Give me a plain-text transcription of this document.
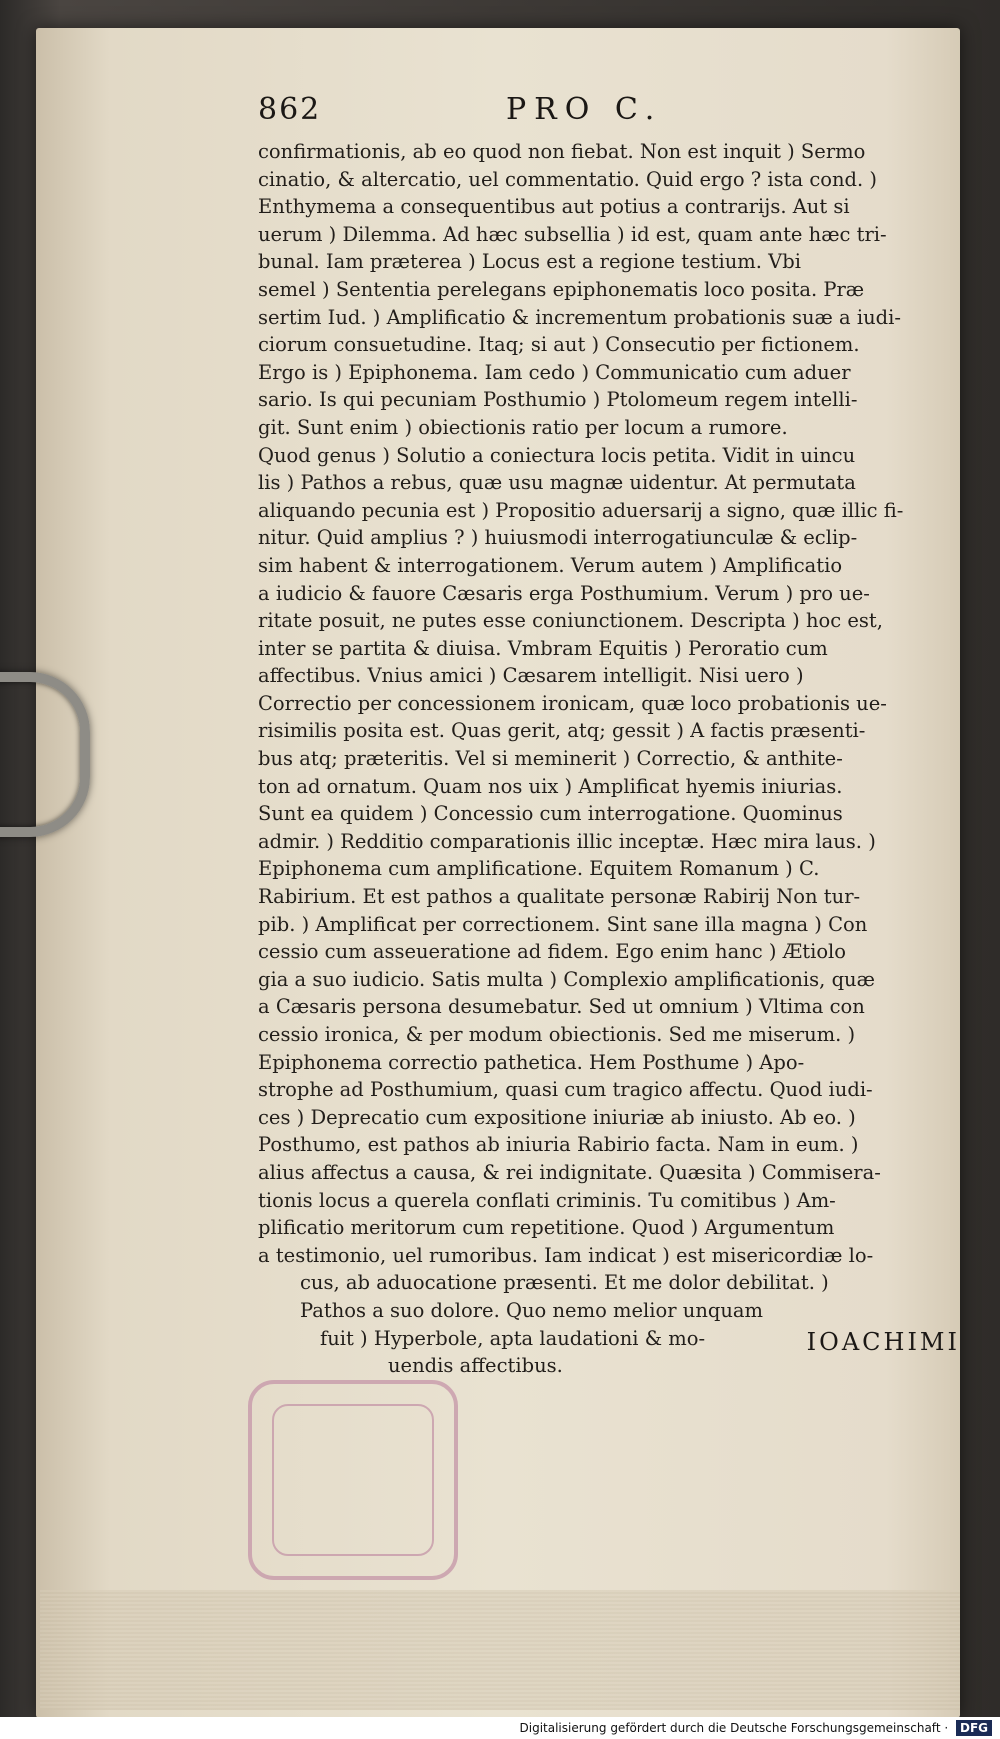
862	PRO C.
confirmationis, ab eo quod non fiebat. Non est inquit ) Sermo
cinatio, & altercatio, uel commentatio. Quid ergo ? ista cond. )
Enthymema a consequentibus aut potius a contrarijs. Aut si
uerum ) Dilemma. Ad hæc subsellia ) id est, quam ante hæc tri-
bunal. Iam præterea ) Locus est a regione testium. Vbi
semel ) Sententia perelegans epiphonematis loco posita. Præ
sertim Iud. ) Amplificatio & incrementum probationis suæ a iudi-
ciorum consuetudine. Itaq; si aut ) Consecutio per fictionem.
Ergo is ) Epiphonema. Iam cedo ) Communicatio cum aduer
sario. Is qui pecuniam Posthumio ) Ptolomeum regem intelli-
git. Sunt enim ) obiectionis ratio per locum a rumore.
Quod genus ) Solutio a coniectura locis petita. Vidit in uincu
lis ) Pathos a rebus, quæ usu magnæ uidentur. At permutata
aliquando pecunia est ) Propositio aduersarij a signo, quæ illic fi-
nitur. Quid amplius ? ) huiusmodi interrogatiunculæ & eclip-
sim habent & interrogationem. Verum autem ) Amplificatio
a iudicio & fauore Cæsaris erga Posthumium. Verum ) pro ue-
ritate posuit, ne putes esse coniunctionem. Descripta ) hoc est,
inter se partita & diuisa. Vmbram Equitis ) Peroratio cum
affectibus. Vnius amici ) Cæsarem intelligit. Nisi uero )
Correctio per concessionem ironicam, quæ loco probationis ue-
risimilis posita est. Quas gerit, atq; gessit ) A factis præsenti-
bus atq; præteritis. Vel si meminerit ) Correctio, & anthite-
ton ad ornatum. Quam nos uix ) Amplificat hyemis iniurias.
Sunt ea quidem ) Concessio cum interrogatione. Quominus
admir. ) Redditio comparationis illic inceptæ. Hæc mira laus. )
Epiphonema cum amplificatione. Equitem Romanum ) C.
Rabirium. Et est pathos a qualitate personæ Rabirij Non tur-
pib. ) Amplificat per correctionem. Sint sane illa magna ) Con
cessio cum asseueratione ad fidem. Ego enim hanc ) Ætiolo
gia a suo iudicio. Satis multa ) Complexio amplificationis, quæ
a Cæsaris persona desumebatur. Sed ut omnium ) Vltima con
cessio ironica, & per modum obiectionis. Sed me miserum. )
Epiphonema correctio pathetica. Hem Posthume ) Apo-
strophe ad Posthumium, quasi cum tragico affectu. Quod iudi-
ces ) Deprecatio cum expositione iniuriæ ab iniusto. Ab eo. )
Posthumo, est pathos ab iniuria Rabirio facta. Nam in eum. )
alius affectus a causa, & rei indignitate. Quæsita ) Commisera-
tionis locus a querela conflati criminis. Tu comitibus ) Am-
plificatio meritorum cum repetitione. Quod ) Argumentum
a testimonio, uel rumoribus. Iam indicat ) est misericordiæ lo-
cus, ab aduocatione præsenti. Et me dolor debilitat. )
Pathos a suo dolore. Quo nemo melior unquam
fuit ) Hyperbole, apta laudationi & mo-
uendis affectibus.
IOACHIMI
Digitalisierung gefördert durch die Deutsche Forschungsgemeinschaft · DFG
